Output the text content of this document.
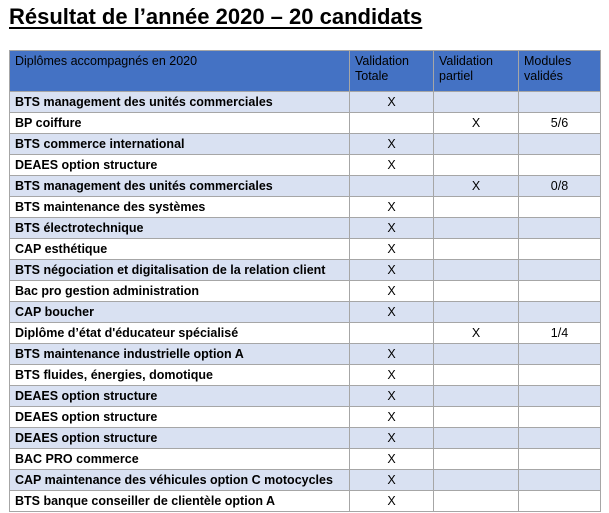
Résultat de l’année 2020 – 20 candidats
Diplômes accompagnés en 2020	Validation Totale	Validation partiel	Modules validés
BTS management des unités commerciales	X		
BP coiffure		X	5/6
BTS commerce international	X		
DEAES option structure	X		
BTS management des unités commerciales		X	0/8
BTS maintenance des systèmes	X		
BTS électrotechnique	X		
CAP esthétique	X		
BTS négociation et digitalisation de la relation client	X		
Bac pro gestion administration	X		
CAP boucher	X		
Diplôme d’état d'éducateur spécialisé		X	1/4
BTS maintenance industrielle option A	X		
BTS fluides, énergies, domotique	X		
DEAES option structure	X		
DEAES option structure	X		
DEAES option structure	X		
BAC PRO commerce	X		
CAP maintenance des véhicules option C motocycles	X		
BTS banque conseiller de clientèle option A	X		
